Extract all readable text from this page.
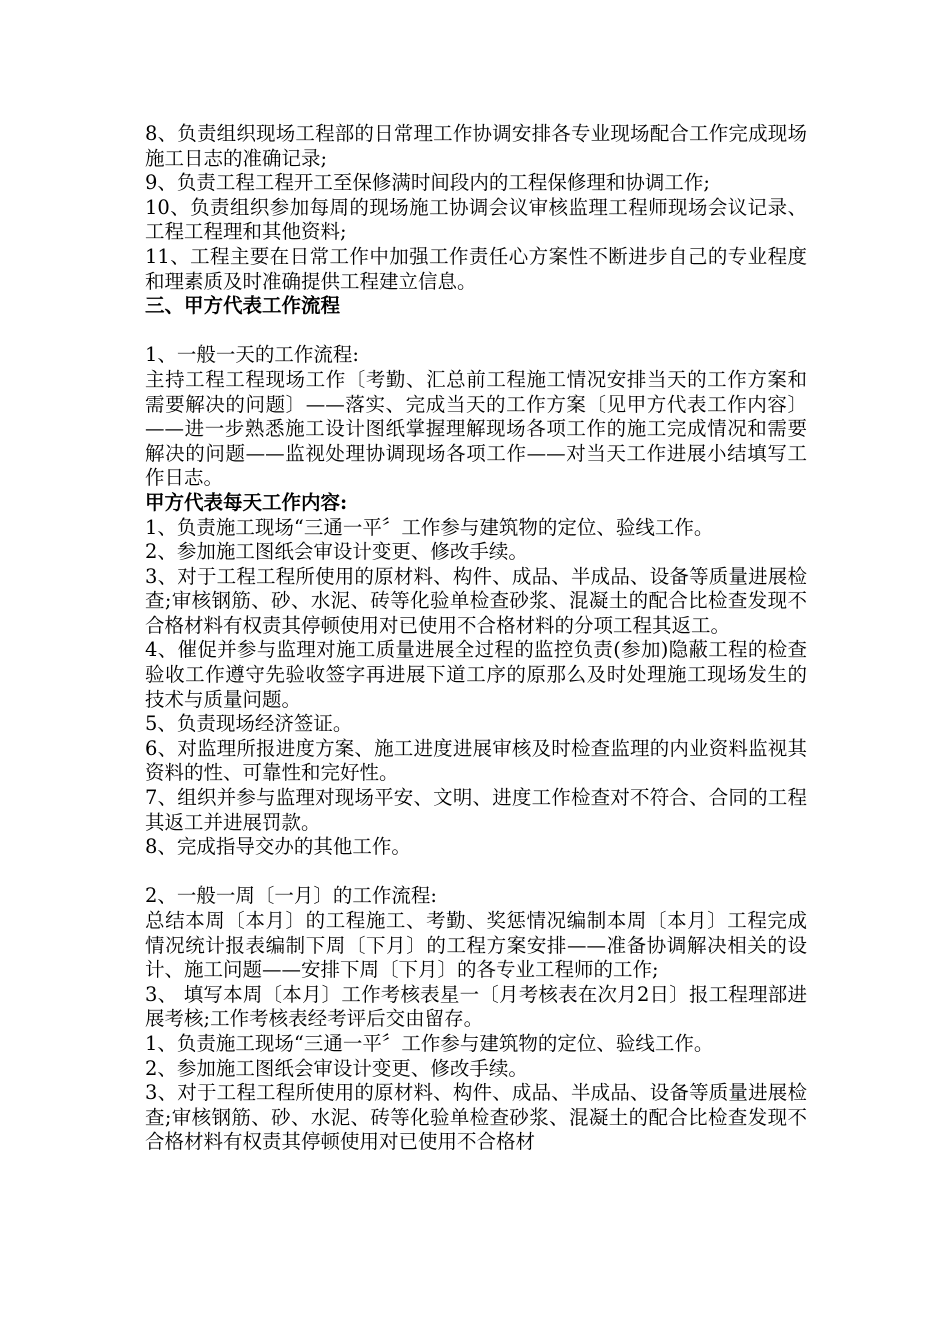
8、负责组织现场工程部的日常理工作协调安排各专业现场配合工作完成现场施工日志的准确记录;

9、负责工程工程开工至保修满时间段内的工程保修理和协调工作;

10、负责组织参加每周的现场施工协调会议审核监理工程师现场会议记录、工程工程理和其他资料;

11、工程主要在日常工作中加强工作责任心方案性不断进步自己的专业程度和理素质及时准确提供工程建立信息。

三、甲方代表工作流程

1、一般一天的工作流程:

主持工程工程现场工作〔考勤、汇总前工程施工情况安排当天的工作方案和需要解决的问题〕——落实、完成当天的工作方案〔见甲方代表工作内容〕——进一步熟悉施工设计图纸掌握理解现场各项工作的施工完成情况和需要解决的问题——监视处理协调现场各项工作——对当天工作进展小结填写工作日志。

甲方代表每天工作内容:

1、负责施工现场“三通一平〞工作参与建筑物的定位、验线工作。

2、参加施工图纸会审设计变更、修改手续。

3、对于工程工程所使用的原材料、构件、成品、半成品、设备等质量进展检查;审核钢筋、砂、水泥、砖等化验单检查砂浆、混凝土的配合比检查发现不合格材料有权责其停顿使用对已使用不合格材料的分项工程其返工。

4、催促并参与监理对施工质量进展全过程的监控负责(参加)隐蔽工程的检查验收工作遵守先验收签字再进展下道工序的原那么及时处理施工现场发生的技术与质量问题。

5、负责现场经济签证。

6、对监理所报进度方案、施工进度进展审核及时检查监理的内业资料监视其资料的性、可靠性和完好性。

7、组织并参与监理对现场平安、文明、进度工作检查对不符合、合同的工程其返工并进展罚款。

8、完成指导交办的其他工作。

2、一般一周〔一月〕的工作流程:

总结本周〔本月〕的工程施工、考勤、奖惩情况编制本周〔本月〕工程完成情况统计报表编制下周〔下月〕的工程方案安排——准备协调解决相关的设计、施工问题——安排下周〔下月〕的各专业工程师的工作;

3、 填写本周〔本月〕工作考核表星一〔月考核表在次月2日〕报工程理部进展考核;工作考核表经考评后交由留存。

1、负责施工现场“三通一平〞工作参与建筑物的定位、验线工作。

2、参加施工图纸会审设计变更、修改手续。

3、对于工程工程所使用的原材料、构件、成品、半成品、设备等质量进展检查;审核钢筋、砂、水泥、砖等化验单检查砂浆、混凝土的配合比检查发现不合格材料有权责其停顿使用对已使用不合格材
